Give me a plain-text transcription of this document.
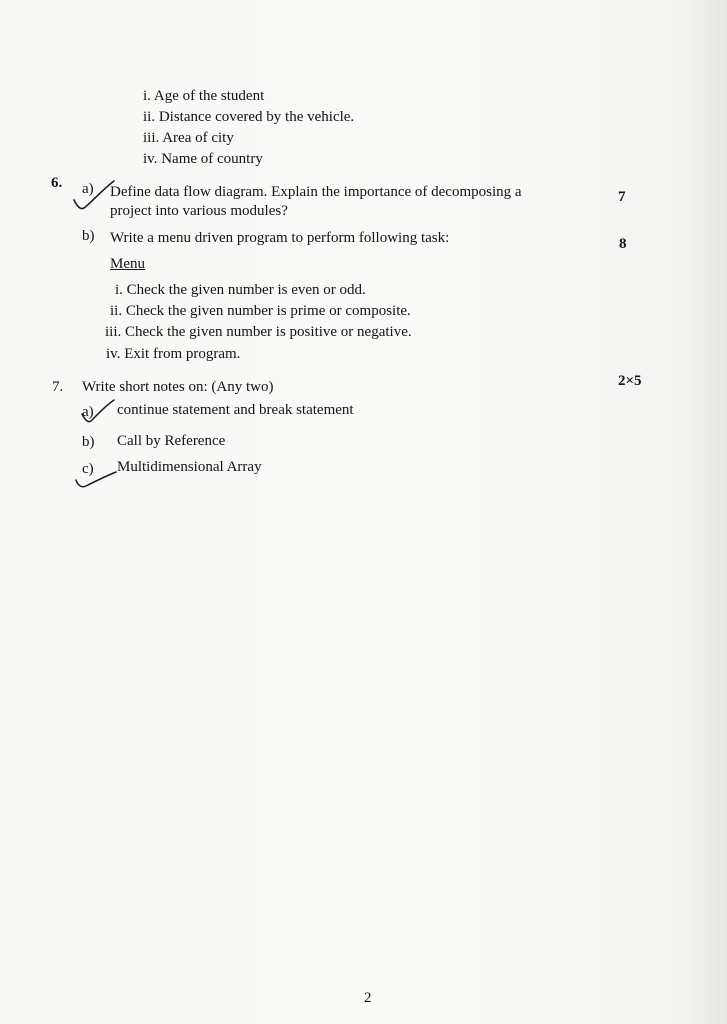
i. Age of the student
ii. Distance covered by the vehicle.
iii. Area of city
iv. Name of country
6. a) Define data flow diagram. Explain the importance of decomposing a
project into various modules?
7
b) Write a menu driven program to perform following task:	8
Menu
i. Check the given number is even or odd.
ii. Check the given number is prime or composite.
iii. Check the given number is positive or negative.
iv. Exit from program.
7. Write short notes on: (Any two)	2×5
a) continue statement and break statement
b) Call by Reference
c) Multidimensional Array
2
